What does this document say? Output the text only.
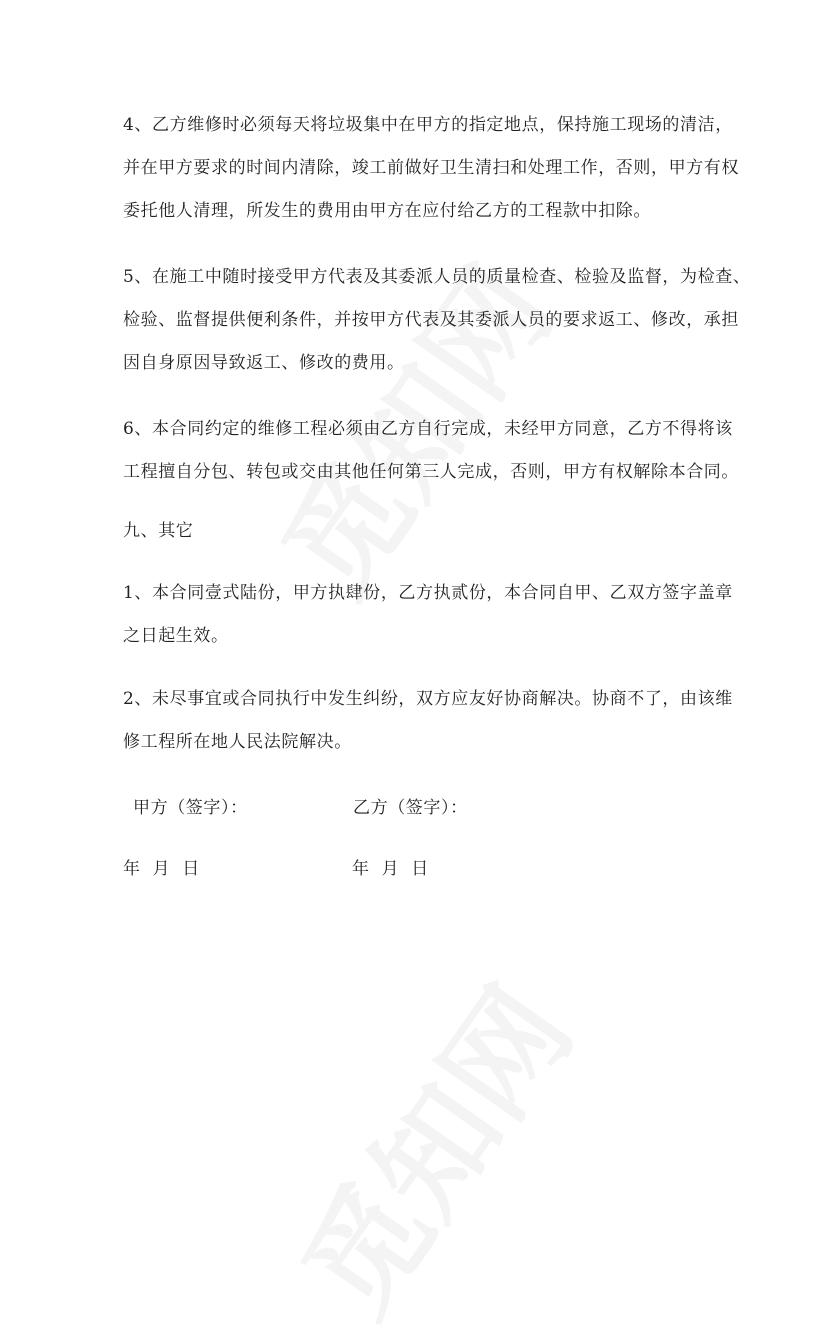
4、乙方维修时必须每天将垃圾集中在甲方的指定地点，保持施工现场的清洁，
并在甲方要求的时间内清除，竣工前做好卫生清扫和处理工作，否则，甲方有权
委托他人清理，所发生的费用由甲方在应付给乙方的工程款中扣除。
5、在施工中随时接受甲方代表及其委派人员的质量检查、检验及监督，为检查、
检验、监督提供便利条件，并按甲方代表及其委派人员的要求返工、修改，承担
因自身原因导致返工、修改的费用。
6、本合同约定的维修工程必须由乙方自行完成，未经甲方同意，乙方不得将该
工程擅自分包、转包或交由其他任何第三人完成，否则，甲方有权解除本合同。
九、其它
1、本合同壹式陆份，甲方执肆份，乙方执贰份，本合同自甲、乙双方签字盖章
之日起生效。
2、未尽事宜或合同执行中发生纠纷，双方应友好协商解决。协商不了，由该维
修工程所在地人民法院解决。
甲方（签字）：	乙方（签字）：
年  月  日	年  月  日
